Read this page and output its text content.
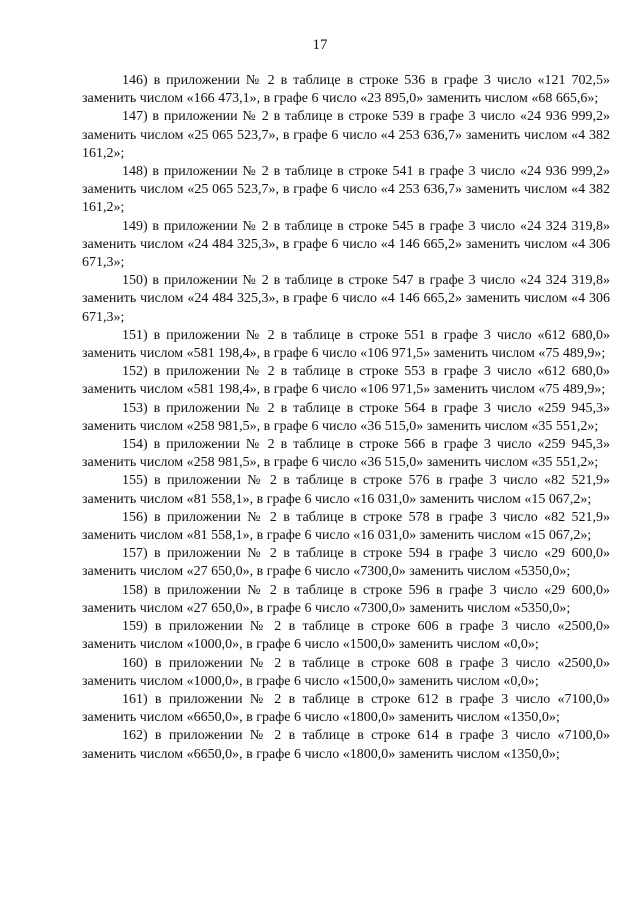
17

146) в приложении № 2 в таблице в строке 536 в графе 3 число «121 702,5» заменить числом «166 473,1», в графе 6 число «23 895,0» заменить числом «68 665,6»;

147) в приложении № 2 в таблице в строке 539 в графе 3 число «24 936 999,2» заменить числом «25 065 523,7», в графе 6 число «4 253 636,7» заменить числом «4 382 161,2»;

148) в приложении № 2 в таблице в строке 541 в графе 3 число «24 936 999,2» заменить числом «25 065 523,7», в графе 6 число «4 253 636,7» заменить числом «4 382 161,2»;

149) в приложении № 2 в таблице в строке 545 в графе 3 число «24 324 319,8» заменить числом «24 484 325,3», в графе 6 число «4 146 665,2» заменить числом «4 306 671,3»;

150) в приложении № 2 в таблице в строке 547 в графе 3 число «24 324 319,8» заменить числом «24 484 325,3», в графе 6 число «4 146 665,2» заменить числом «4 306 671,3»;

151) в приложении № 2 в таблице в строке 551 в графе 3 число «612 680,0» заменить числом «581 198,4», в графе 6 число «106 971,5» заменить числом «75 489,9»;

152) в приложении № 2 в таблице в строке 553 в графе 3 число «612 680,0» заменить числом «581 198,4», в графе 6 число «106 971,5» заменить числом «75 489,9»;

153) в приложении № 2 в таблице в строке 564 в графе 3 число «259 945,3» заменить числом «258 981,5», в графе 6 число «36 515,0» заменить числом «35 551,2»;

154) в приложении № 2 в таблице в строке 566 в графе 3 число «259 945,3» заменить числом «258 981,5», в графе 6 число «36 515,0» заменить числом «35 551,2»;

155) в приложении № 2 в таблице в строке 576 в графе 3 число «82 521,9» заменить числом «81 558,1», в графе 6 число «16 031,0» заменить числом «15 067,2»;

156) в приложении № 2 в таблице в строке 578 в графе 3 число «82 521,9» заменить числом «81 558,1», в графе 6 число «16 031,0» заменить числом «15 067,2»;

157) в приложении № 2 в таблице в строке 594 в графе 3 число «29 600,0» заменить числом «27 650,0», в графе 6 число «7300,0» заменить числом «5350,0»;

158) в приложении № 2 в таблице в строке 596 в графе 3 число «29 600,0» заменить числом «27 650,0», в графе 6 число «7300,0» заменить числом «5350,0»;

159) в приложении № 2 в таблице в строке 606 в графе 3 число «2500,0» заменить числом «1000,0», в графе 6 число «1500,0» заменить числом «0,0»;

160) в приложении № 2 в таблице в строке 608 в графе 3 число «2500,0» заменить числом «1000,0», в графе 6 число «1500,0» заменить числом «0,0»;

161) в приложении № 2 в таблице в строке 612 в графе 3 число «7100,0» заменить числом «6650,0», в графе 6 число «1800,0» заменить числом «1350,0»;

162) в приложении № 2 в таблице в строке 614 в графе 3 число «7100,0» заменить числом «6650,0», в графе 6 число «1800,0» заменить числом «1350,0»;
